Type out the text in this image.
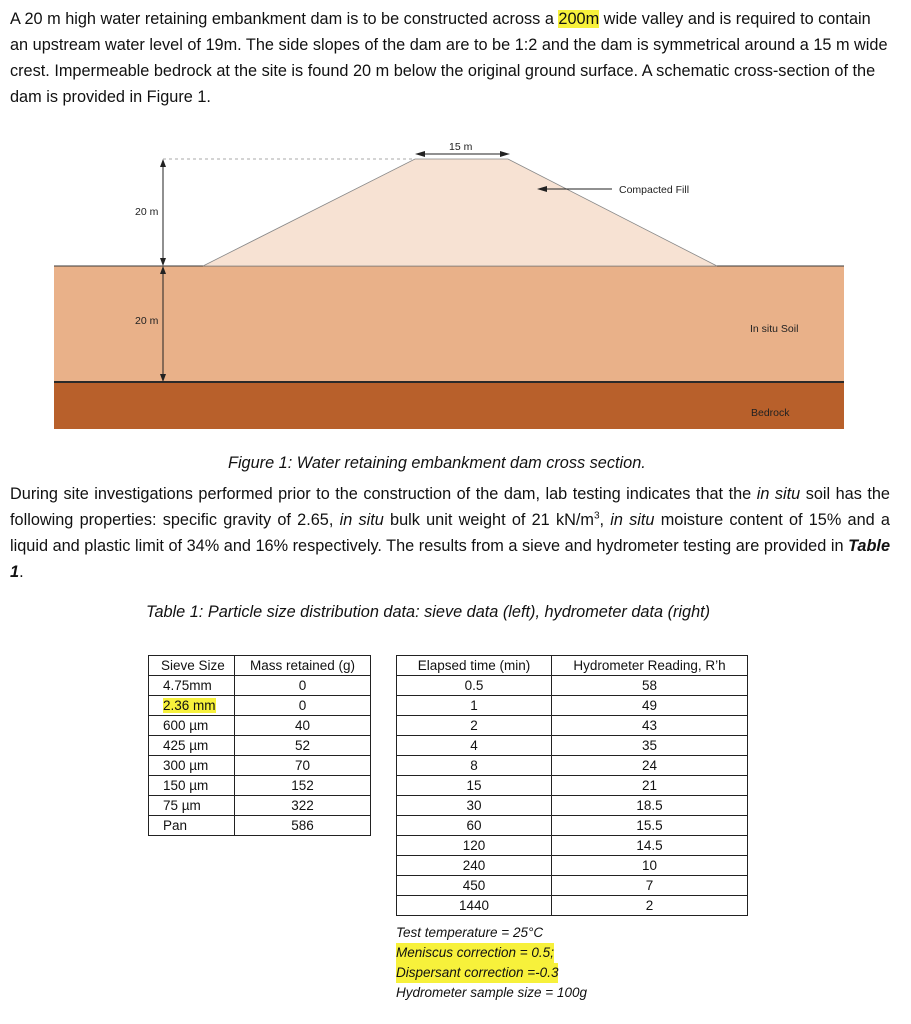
A 20 m high water retaining embankment dam is to be constructed across a 200m wide valley and is required to contain an upstream water level of 19m. The side slopes of the dam are to be 1:2 and the dam is symmetrical around a 15 m wide crest. Impermeable bedrock at the site is found 20 m below the original ground surface. A schematic cross-section of the dam is provided in Figure 1.

15 m
Compacted Fill
20 m
20 m
In situ Soil
Bedrock

Figure 1: Water retaining embankment dam cross section.

During site investigations performed prior to the construction of the dam, lab testing indicates that the in situ soil has the following properties: specific gravity of 2.65, in situ bulk unit weight of 21 $kN/m^3$, in situ moisture content of 15% and a liquid and plastic limit of 34% and 16% respectively. The results from a sieve and hydrometer testing are provided in Table 1.

Table 1: Particle size distribution data: sieve data (left), hydrometer data (right)

Sieve Size	Mass retained (g)
4.75mm	0
2.36 mm	0
600 µm	40
425 µm	52
300 µm	70
150 µm	152
75 µm	322
Pan	586
Elapsed time (min)	Hydrometer Reading, R’h
0.5	58
1	49
2	43
4	35
8	24
15	21
30	18.5
60	15.5
120	14.5
240	10
450	7
1440	2
Test temperature = 25°C
Meniscus correction = 0.5;
Dispersant correction =-0.3
Hydrometer sample size = 100g
